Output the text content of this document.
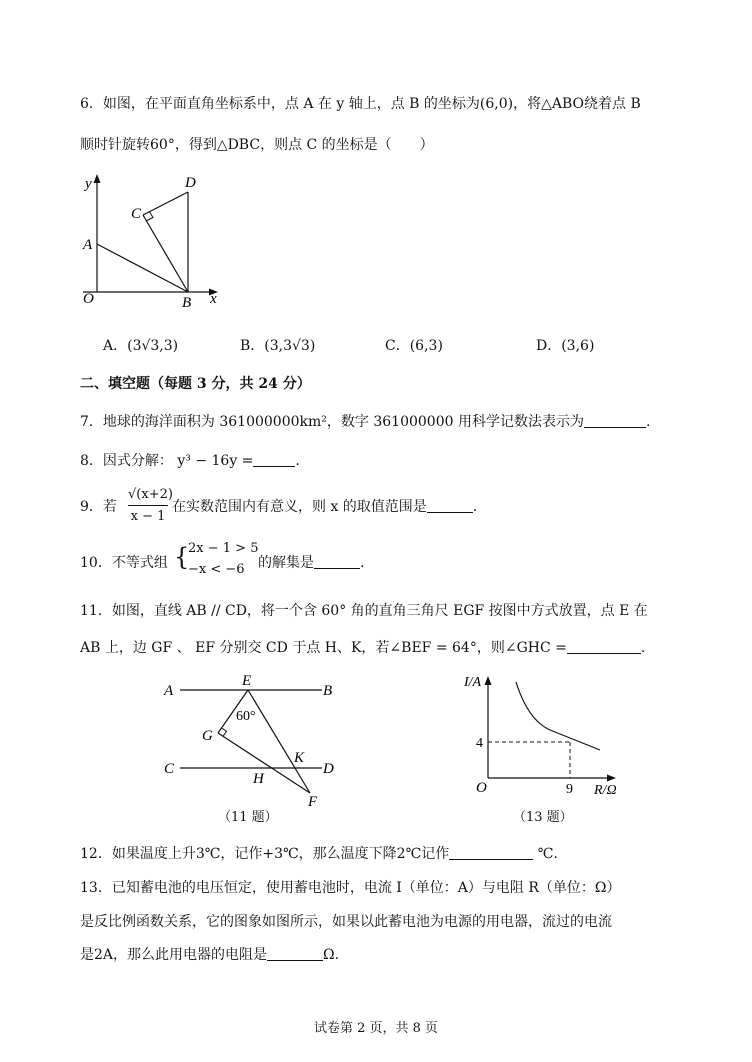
6．如图，在平面直角坐标系中，点 A 在 y 轴上，点 B 的坐标为(6,0)，将△ABO绕着点 B
顺时针旋转60°，得到△DBC，则点 C 的坐标是（　　）
y
x
O
A
B
C
D
A．(3√3,3)	B．(3,3√3)	C．(6,3)	D．(3,6)
二、填空题（每题 3 分，共 24 分）
7．地球的海洋面积为 361000000km²，数字 361000000 用科学记数法表示为	.
8．因式分解： y³ − 16y =	.
9．若
√(x+2)
x − 1
在实数范围内有意义，则 x 的取值范围是	.
10．不等式组 {
2x − 1 > 5
−x < −6 的解集是	.
11．如图，直线 AB // CD，将一个含 60° 角的直角三角尺 EGF 按图中方式放置，点 E 在
AB 上，边 GF 、 EF 分别交 CD 于点 H、K，若∠BEF = 64°，则∠GHC =	.
A	B
C	D
E
F
G
H
K
60°
（11 题）
I/A
R/Ω
O
4
9
（13 题）
12．如果温度上升3℃，记作+3℃，那么温度下降2℃记作	℃.
13．已知蓄电池的电压恒定，使用蓄电池时，电流 I（单位：A）与电阻 R（单位：Ω）
是反比例函数关系，它的图象如图所示，如果以此蓄电池为电源的用电器，流过的电流
是2A，那么此用电器的电阻是	Ω.
试卷第 2 页，共 8 页
